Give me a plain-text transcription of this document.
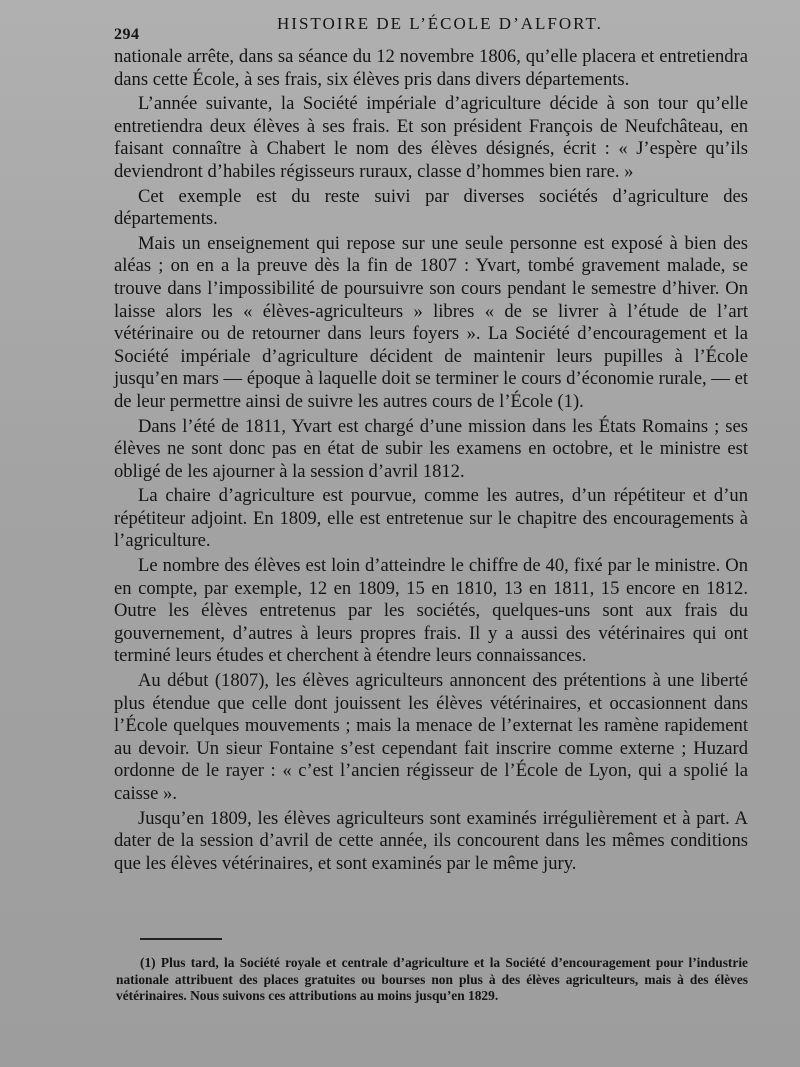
294
HISTOIRE DE L’ÉCOLE D’ALFORT.

nationale arrête, dans sa séance du 12 novembre 1806, qu’elle placera et entretiendra dans cette École, à ses frais, six élèves pris dans divers départements.

L’année suivante, la Société impériale d’agriculture décide à son tour qu’elle entretiendra deux élèves à ses frais. Et son président François de Neufchâteau, en faisant connaître à Chabert le nom des élèves désignés, écrit : « J’espère qu’ils deviendront d’habiles régisseurs ruraux, classe d’hommes bien rare. »

Cet exemple est du reste suivi par diverses sociétés d’agriculture des départements.

Mais un enseignement qui repose sur une seule personne est exposé à bien des aléas ; on en a la preuve dès la fin de 1807 : Yvart, tombé gravement malade, se trouve dans l’impossibilité de poursuivre son cours pendant le semestre d’hiver. On laisse alors les « élèves-agriculteurs » libres « de se livrer à l’étude de l’art vétérinaire ou de retourner dans leurs foyers ». La Société d’encouragement et la Société impériale d’agriculture décident de maintenir leurs pupilles à l’École jusqu’en mars — époque à laquelle doit se terminer le cours d’économie rurale, — et de leur permettre ainsi de suivre les autres cours de l’École (1).

Dans l’été de 1811, Yvart est chargé d’une mission dans les États Romains ; ses élèves ne sont donc pas en état de subir les examens en octobre, et le ministre est obligé de les ajourner à la session d’avril 1812.

La chaire d’agriculture est pourvue, comme les autres, d’un répétiteur et d’un répétiteur adjoint. En 1809, elle est entretenue sur le chapitre des encouragements à l’agriculture.

Le nombre des élèves est loin d’atteindre le chiffre de 40, fixé par le ministre. On en compte, par exemple, 12 en 1809, 15 en 1810, 13 en 1811, 15 encore en 1812. Outre les élèves entretenus par les sociétés, quelques-uns sont aux frais du gouvernement, d’autres à leurs propres frais. Il y a aussi des vétérinaires qui ont terminé leurs études et cherchent à étendre leurs connaissances.

Au début (1807), les élèves agriculteurs annoncent des prétentions à une liberté plus étendue que celle dont jouissent les élèves vétérinaires, et occasionnent dans l’École quelques mouvements ; mais la menace de l’externat les ramène rapidement au devoir. Un sieur Fontaine s’est cependant fait inscrire comme externe ; Huzard ordonne de le rayer : « c’est l’ancien régisseur de l’École de Lyon, qui a spolié la caisse ».

Jusqu’en 1809, les élèves agriculteurs sont examinés irrégulièrement et à part. A dater de la session d’avril de cette année, ils concourent dans les mêmes conditions que les élèves vétérinaires, et sont examinés par le même jury.

(1) Plus tard, la Société royale et centrale d’agriculture et la Société d’encouragement pour l’industrie nationale attribuent des places gratuites ou bourses non plus à des élèves agriculteurs, mais à des élèves vétérinaires. Nous suivons ces attributions au moins jusqu’en 1829.
